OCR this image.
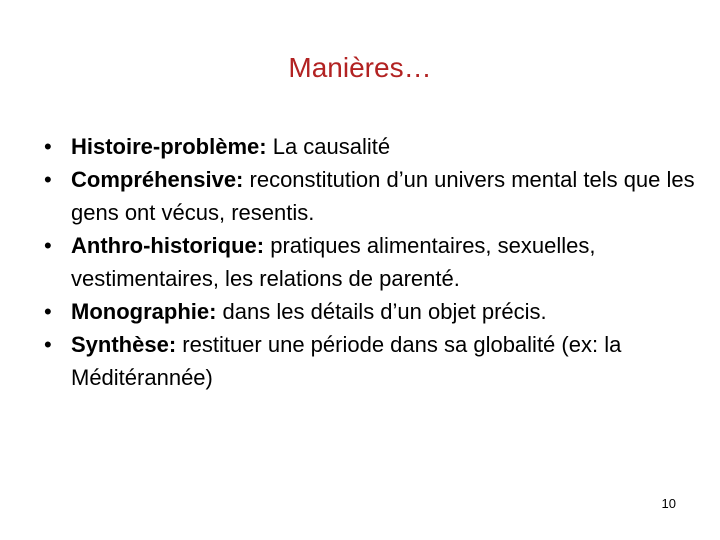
Manières…
• Histoire-problème: La causalité
• Compréhensive: reconstitution d’un univers mental tels que les gens ont vécus, resentis.
• Anthro-historique: pratiques alimentaires, sexuelles, vestimentaires, les relations de parenté.
• Monographie: dans les détails d’un objet précis.
• Synthèse: restituer une période dans sa globalité (ex: la Méditérannée)
10
